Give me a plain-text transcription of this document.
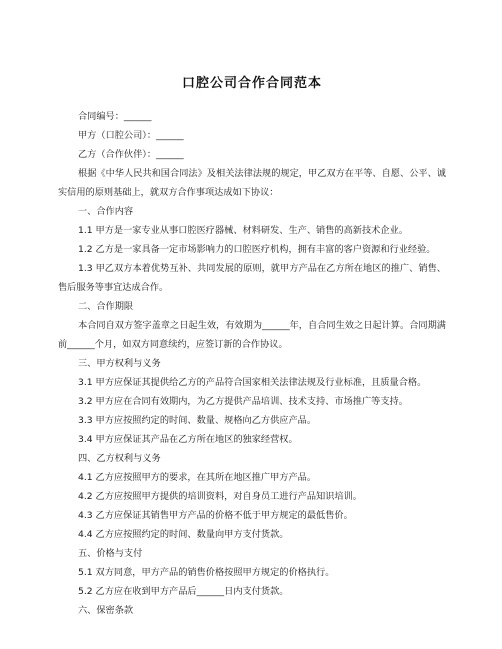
口腔公司合作合同范本

合同编号：______

甲方（口腔公司）：______

乙方（合作伙伴）：______

根据《中华人民共和国合同法》及相关法律法规的规定，甲乙双方在平等、自愿、公平、诚实信用的原则基础上，就双方合作事项达成如下协议：

一、合作内容

1.1 甲方是一家专业从事口腔医疗器械、材料研发、生产、销售的高新技术企业。

1.2 乙方是一家具备一定市场影响力的口腔医疗机构，拥有丰富的客户资源和行业经验。

1.3 甲乙双方本着优势互补、共同发展的原则，就甲方产品在乙方所在地区的推广、销售、售后服务等事宜达成合作。

二、合作期限

本合同自双方签字盖章之日起生效，有效期为______年，自合同生效之日起计算。合同期满前______个月，如双方同意续约，应签订新的合作协议。

三、甲方权利与义务

3.1 甲方应保证其提供给乙方的产品符合国家相关法律法规及行业标准，且质量合格。

3.2 甲方应在合同有效期内，为乙方提供产品培训、技术支持、市场推广等支持。

3.3 甲方应按照约定的时间、数量、规格向乙方供应产品。

3.4 甲方应保证其产品在乙方所在地区的独家经营权。

四、乙方权利与义务

4.1 乙方应按照甲方的要求，在其所在地区推广甲方产品。

4.2 乙方应按照甲方提供的培训资料，对自身员工进行产品知识培训。

4.3 乙方应保证其销售甲方产品的价格不低于甲方规定的最低售价。

4.4 乙方应按照约定的时间、数量向甲方支付货款。

五、价格与支付

5.1 双方同意，甲方产品的销售价格按照甲方规定的价格执行。

5.2 乙方应在收到甲方产品后______日内支付货款。

六、保密条款
